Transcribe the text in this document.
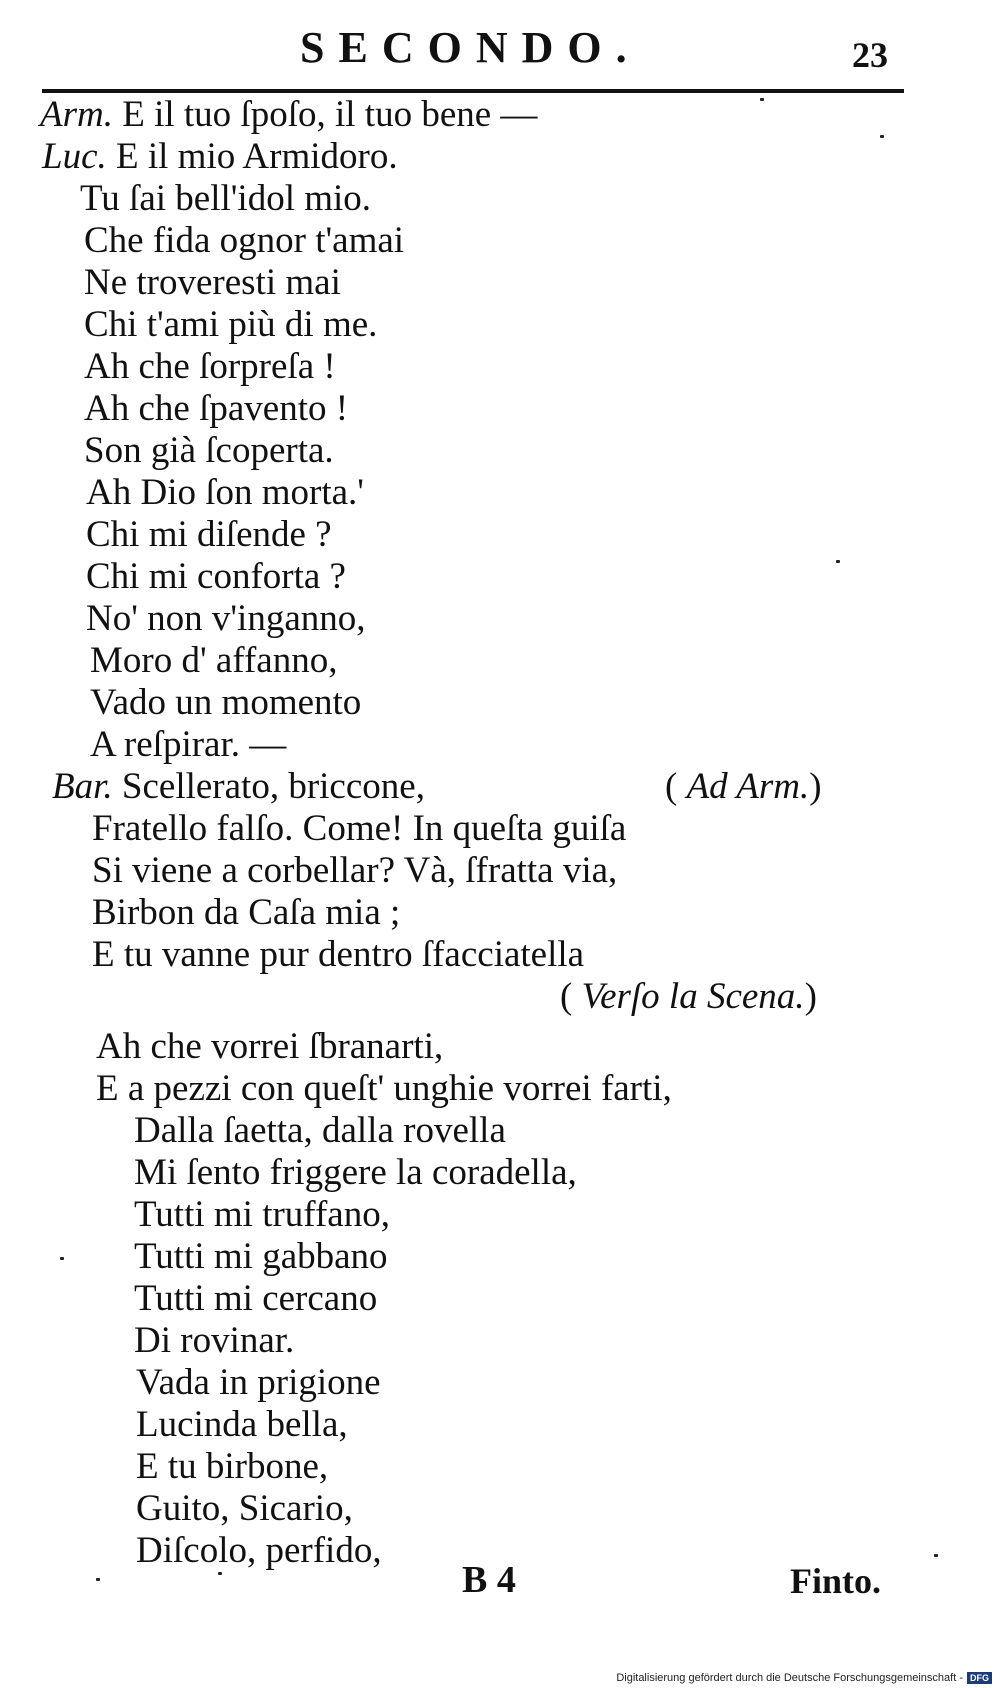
SECONDO.	23
Arm. E il tuo ſpoſo, il tuo bene —
Luc. E il mio Armidoro.
Tu ſai bell'idol mio.
Che fida ognor t'amai
Ne troveresti mai
Chi t'ami più di me.
Ah che ſorpreſa !
Ah che ſpavento !
Son già ſcoperta.
Ah Dio ſon morta.'
Chi mi diſende ?
Chi mi conforta ?
No' non v'inganno,
Moro d' affanno,
Vado un momento
A reſpirar. —
Bar. Scellerato, briccone,	( Ad Arm.)
Fratello falſo. Come! In queſta guiſa
Si viene a corbellar? Và, ſfratta via,
Birbon da Caſa mia ;
E tu vanne pur dentro ſfacciatella
( Verſo la Scena.)
Ah che vorrei ſbranarti,
E a pezzi con queſt' unghie vorrei farti,
Dalla ſaetta, dalla rovella
Mi ſento friggere la coradella,
Tutti mi truffano,
Tutti mi gabbano
Tutti mi cercano
Di rovinar.
Vada in prigione
Lucinda bella,
E tu birbone,
Guito, Sicario,
Diſcolo, perfido,
B 4	Finto.
Digitalisierung gefördert durch die Deutsche Forschungsgemeinschaft - DFG
